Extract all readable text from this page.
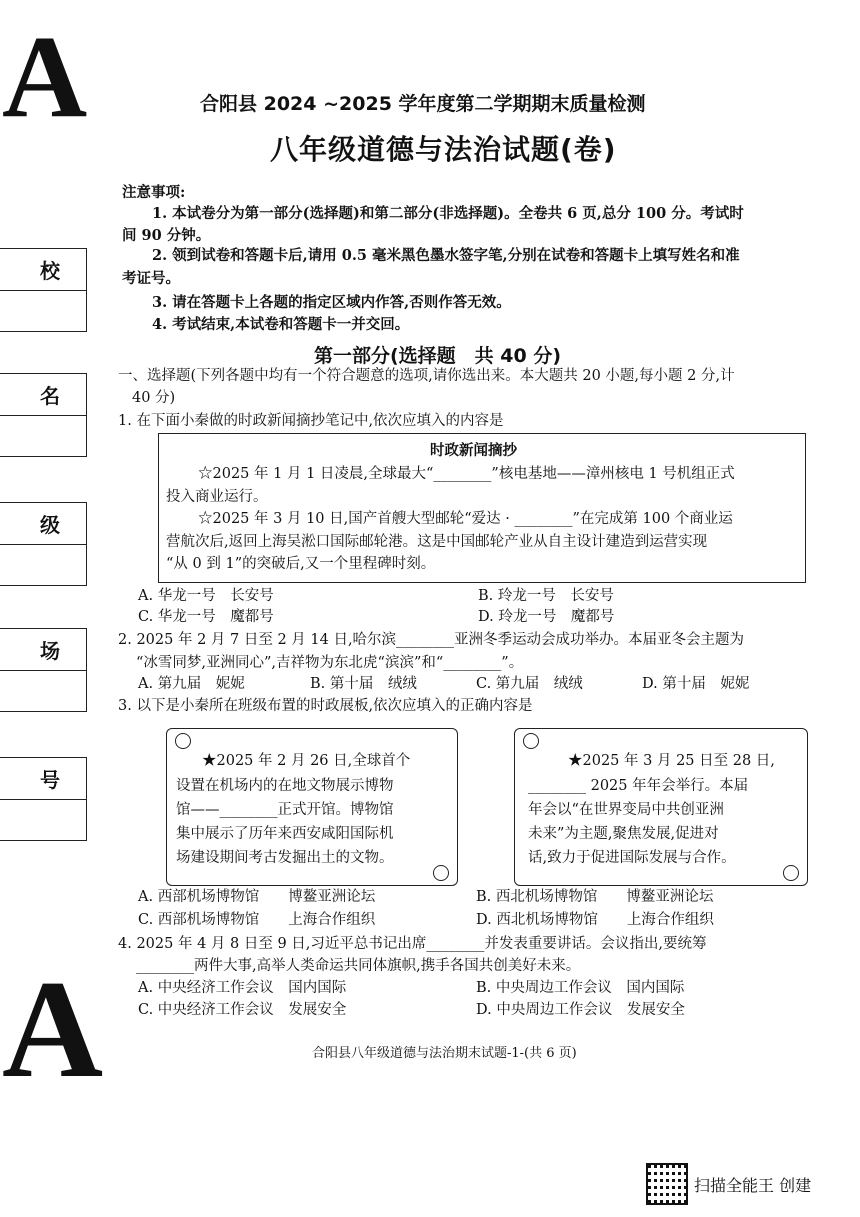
A
A
合阳县 2024 ~2025 学年度第二学期期末质量检测
八年级道德与法治试题(卷)
校
名
级
场
号
注意事项:
1. 本试卷分为第一部分(选择题)和第二部分(非选择题)。全卷共 6 页,总分 100 分。考试时
间 90 分钟。
2. 领到试卷和答题卡后,请用 0.5 毫米黑色墨水签字笔,分别在试卷和答题卡上填写姓名和准
考证号。
3. 请在答题卡上各题的指定区域内作答,否则作答无效。
4. 考试结束,本试卷和答题卡一并交回。
第一部分(选择题　共 40 分)
一、选择题(下列各题中均有一个符合题意的选项,请你选出来。本大题共 20 小题,每小题 2 分,计
40 分)
1. 在下面小秦做的时政新闻摘抄笔记中,依次应填入的内容是
时政新闻摘抄
☆2025 年 1 月 1 日凌晨,全球最大“________”核电基地——漳州核电 1 号机组正式
投入商业运行。
☆2025 年 3 月 10 日,国产首艘大型邮轮“爱达 · ________”在完成第 100 个商业运
营航次后,返回上海吴淞口国际邮轮港。这是中国邮轮产业从自主设计建造到运营实现
“从 0 到 1”的突破后,又一个里程碑时刻。
A. 华龙一号　长安号	B. 玲龙一号　长安号
C. 华龙一号　魔都号	D. 玲龙一号　魔都号
2. 2025 年 2 月 7 日至 2 月 14 日,哈尔滨________亚洲冬季运动会成功举办。本届亚冬会主题为
“冰雪同梦,亚洲同心”,吉祥物为东北虎“滨滨”和“________”。
A. 第九届　妮妮	B. 第十届　绒绒	C. 第九届　绒绒	D. 第十届　妮妮
3. 以下是小秦所在班级布置的时政展板,依次应填入的正确内容是
★2025 年 2 月 26 日,全球首个
设置在机场内的在地文物展示博物
馆——________正式开馆。博物馆
集中展示了历年来西安咸阳国际机
场建设期间考古发掘出土的文物。
★2025 年 3 月 25 日至 28 日,
________ 2025 年年会举行。本届
年会以“在世界变局中共创亚洲
未来”为主题,聚焦发展,促进对
话,致力于促进国际发展与合作。
A. 西部机场博物馆　　博鳌亚洲论坛	B. 西北机场博物馆　　博鳌亚洲论坛
C. 西部机场博物馆　　上海合作组织	D. 西北机场博物馆　　上海合作组织
4. 2025 年 4 月 8 日至 9 日,习近平总书记出席________并发表重要讲话。会议指出,要统筹
________两件大事,高举人类命运共同体旗帜,携手各国共创美好未来。
A. 中央经济工作会议　国内国际	B. 中央周边工作会议　国内国际
C. 中央经济工作会议　发展安全	D. 中央周边工作会议　发展安全
合阳县八年级道德与法治期末试题-1-(共 6 页)
扫描全能王 创建
